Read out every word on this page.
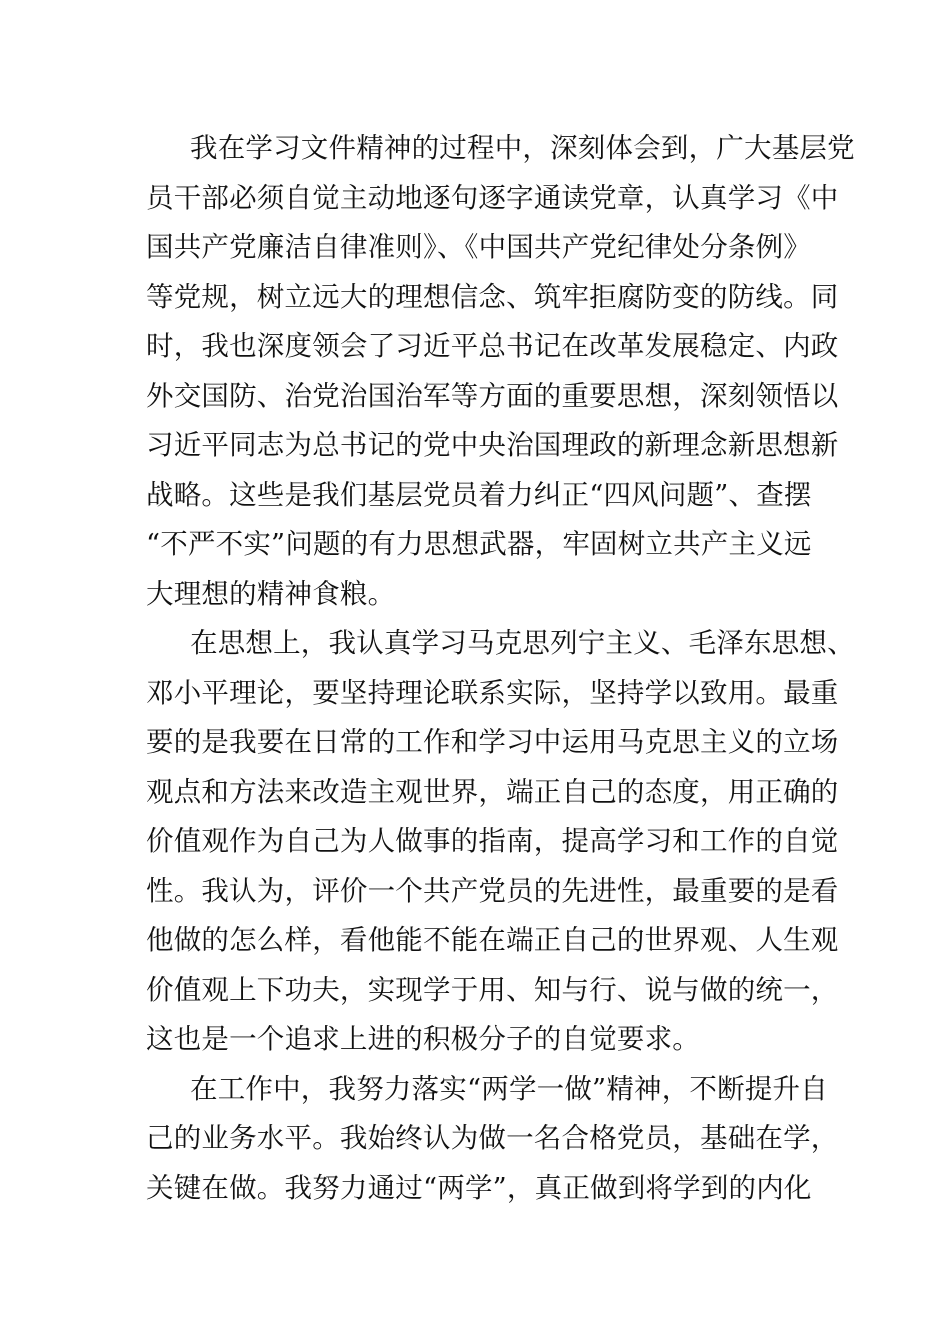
我在学习文件精神的过程中，深刻体会到，广大基层党
员干部必须自觉主动地逐句逐字通读党章，认真学习《中
国共产党廉洁自律准则》、《中国共产党纪律处分条例》
等党规，树立远大的理想信念、筑牢拒腐防变的防线。同
时，我也深度领会了习近平总书记在改革发展稳定、内政
外交国防、治党治国治军等方面的重要思想，深刻领悟以
习近平同志为总书记的党中央治国理政的新理念新思想新
战略。这些是我们基层党员着力纠正“四风问题”、查摆
“不严不实”问题的有力思想武器，牢固树立共产主义远
大理想的精神食粮。
在思想上，我认真学习马克思列宁主义、毛泽东思想、
邓小平理论，要坚持理论联系实际，坚持学以致用。最重
要的是我要在日常的工作和学习中运用马克思主义的立场
观点和方法来改造主观世界，端正自己的态度，用正确的
价值观作为自己为人做事的指南，提高学习和工作的自觉
性。我认为，评价一个共产党员的先进性，最重要的是看
他做的怎么样，看他能不能在端正自己的世界观、人生观
价值观上下功夫，实现学于用、知与行、说与做的统一，
这也是一个追求上进的积极分子的自觉要求。
在工作中，我努力落实“两学一做”精神，不断提升自
己的业务水平。我始终认为做一名合格党员，基础在学，
关键在做。我努力通过“两学”，真正做到将学到的内化
